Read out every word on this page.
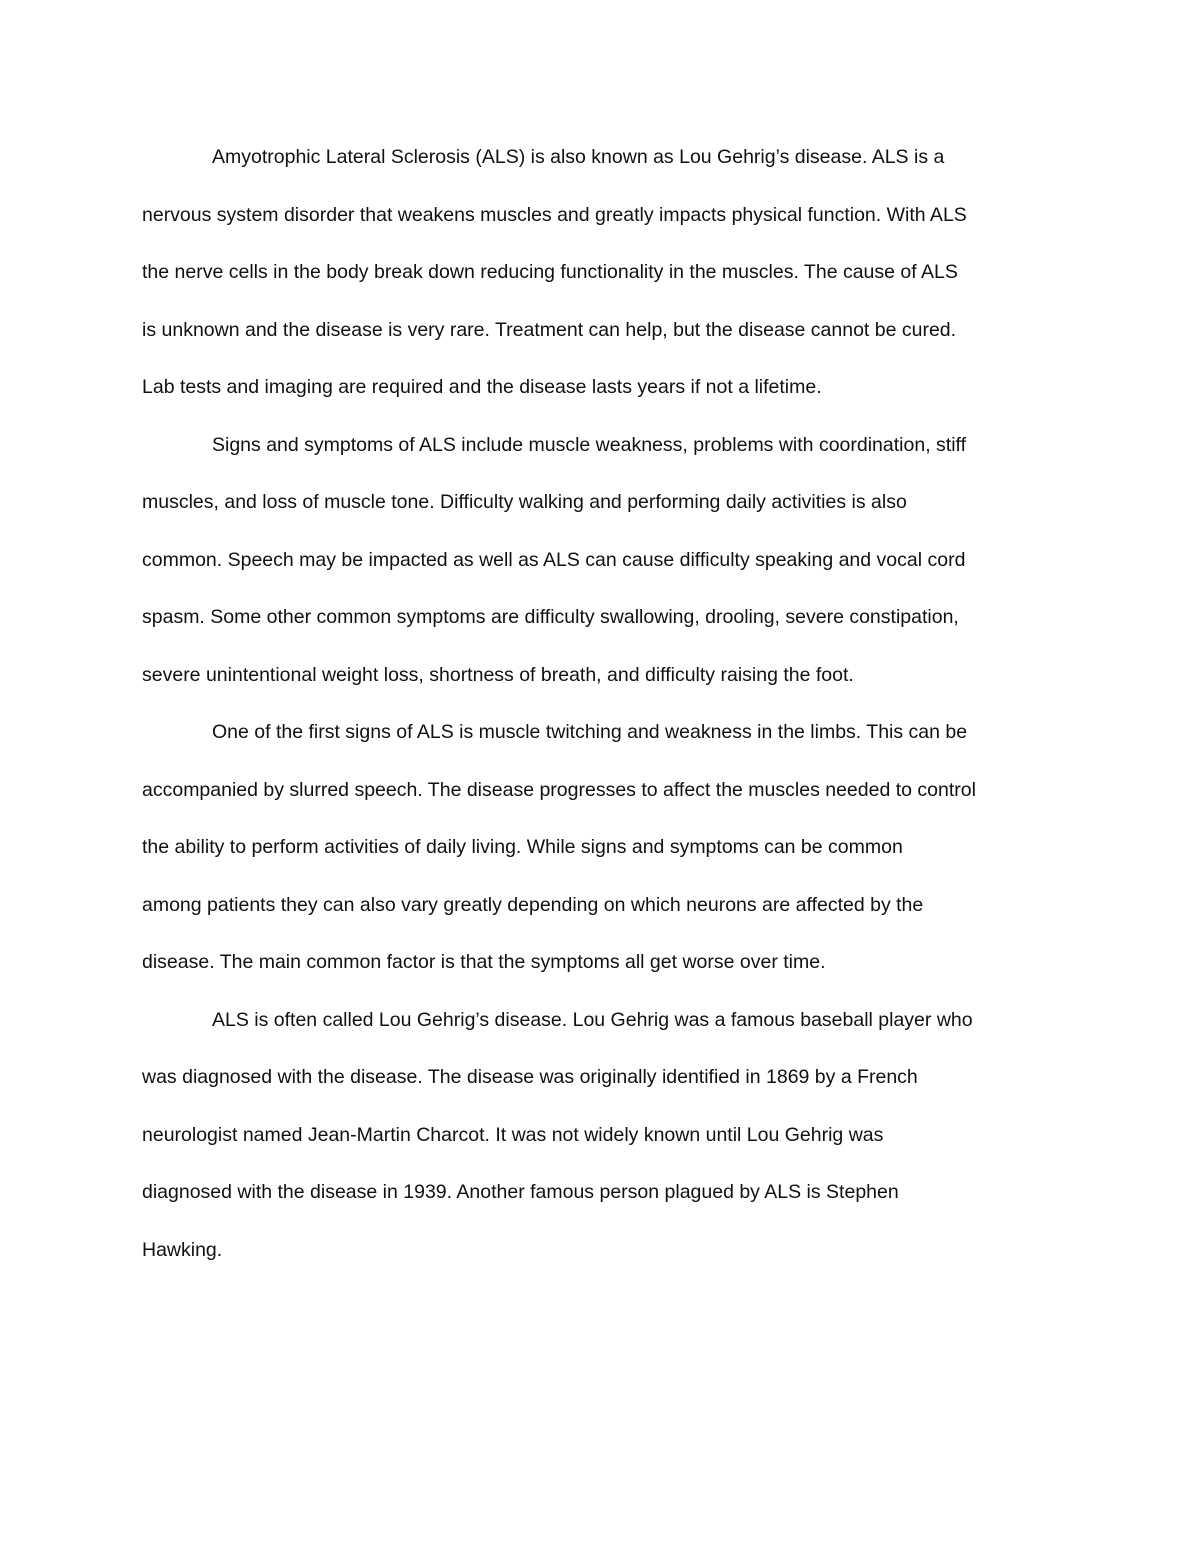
Amyotrophic Lateral Sclerosis (ALS) is also known as Lou Gehrig’s disease. ALS is a
nervous system disorder that weakens muscles and greatly impacts physical function. With ALS
the nerve cells in the body break down reducing functionality in the muscles. The cause of ALS
is unknown and the disease is very rare. Treatment can help, but the disease cannot be cured.
Lab tests and imaging are required and the disease lasts years if not a lifetime.

Signs and symptoms of ALS include muscle weakness, problems with coordination, stiff
muscles, and loss of muscle tone. Difficulty walking and performing daily activities is also
common. Speech may be impacted as well as ALS can cause difficulty speaking and vocal cord
spasm. Some other common symptoms are difficulty swallowing, drooling, severe constipation,
severe unintentional weight loss, shortness of breath, and difficulty raising the foot.

One of the first signs of ALS is muscle twitching and weakness in the limbs. This can be
accompanied by slurred speech. The disease progresses to affect the muscles needed to control
the ability to perform activities of daily living. While signs and symptoms can be common
among patients they can also vary greatly depending on which neurons are affected by the
disease. The main common factor is that the symptoms all get worse over time.

ALS is often called Lou Gehrig’s disease. Lou Gehrig was a famous baseball player who
was diagnosed with the disease. The disease was originally identified in 1869 by a French
neurologist named Jean-Martin Charcot. It was not widely known until Lou Gehrig was
diagnosed with the disease in 1939. Another famous person plagued by ALS is Stephen
Hawking.
